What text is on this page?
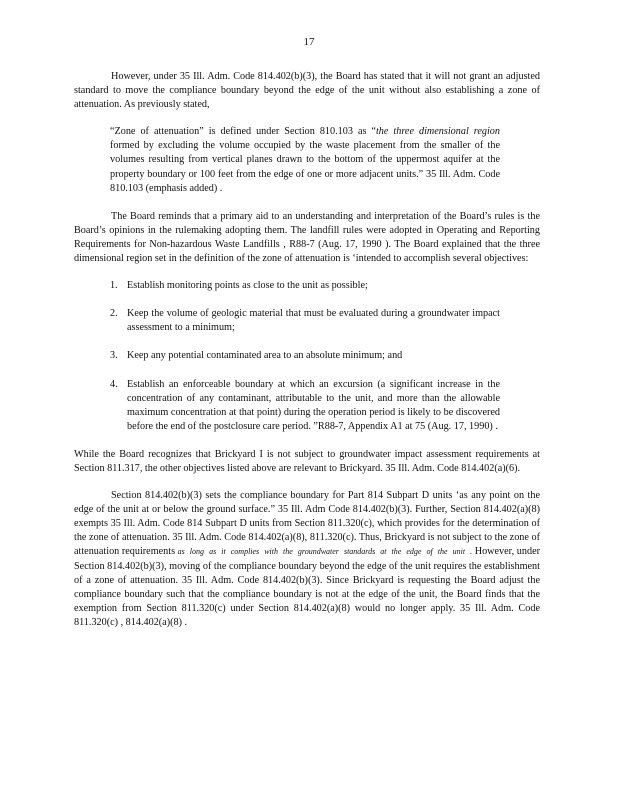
17

However, under 35 Ill. Adm. Code 814.402(b)(3), the Board has stated that it will not grant an adjusted standard to move the compliance boundary beyond the edge of the unit without also establishing a zone of attenuation. As previously stated,

“Zone of attenuation” is defined under Section 810.103 as “the three dimensional region formed by excluding the volume occupied by the waste placement from the smaller of the volumes resulting from vertical planes drawn to the bottom of the uppermost aquifer at the property boundary or 100 feet from the edge of one or more adjacent units.” 35 Ill. Adm. Code 810.103 (emphasis added) .

The Board reminds that a primary aid to an understanding and interpretation of the Board’s rules is the Board’s opinions in the rulemaking adopting them. The landfill rules were adopted in Operating and Reporting Requirements for Non-hazardous Waste Landfills , R88-7 (Aug. 17, 1990 ). The Board explained that the three dimensional region set in the definition of the zone of attenuation is ‘intended to accomplish several objectives:

1. Establish monitoring points as close to the unit as possible;
2. Keep the volume of geologic material that must be evaluated during a groundwater impact assessment to a minimum;
3. Keep any potential contaminated area to an absolute minimum; and
4. Establish an enforceable boundary at which an excursion (a significant increase in the concentration of any contaminant, attributable to the unit, and more than the allowable maximum concentration at that point) during the operation period is likely to be discovered before the end of the postclosure care period. ”R88-7, Appendix A1 at 75 (Aug. 17, 1990) .

While the Board recognizes that Brickyard I is not subject to groundwater impact assessment requirements at Section 811.317, the other objectives listed above are relevant to Brickyard. 35 Ill. Adm. Code 814.402(a)(6).

Section 814.402(b)(3) sets the compliance boundary for Part 814 Subpart D units ‘as any point on the edge of the unit at or below the ground surface.” 35 Ill. Adm Code 814.402(b)(3). Further, Section 814.402(a)(8) exempts 35 Ill. Adm. Code 814 Subpart D units from Section 811.320(c), which provides for the determination of the zone of attenuation. 35 Ill. Adm. Code 814.402(a)(8), 811.320(c). Thus, Brickyard is not subject to the zone of attenuation requirements as long as it complies with the groundwater standards at the edge of the unit . However, under Section 814.402(b)(3), moving of the compliance boundary beyond the edge of the unit requires the establishment of a zone of attenuation. 35 Ill. Adm. Code 814.402(b)(3). Since Brickyard is requesting the Board adjust the compliance boundary such that the compliance boundary is not at the edge of the unit, the Board finds that the exemption from Section 811.320(c) under Section 814.402(a)(8) would no longer apply. 35 Ill. Adm. Code 811.320(c) , 814.402(a)(8) .
